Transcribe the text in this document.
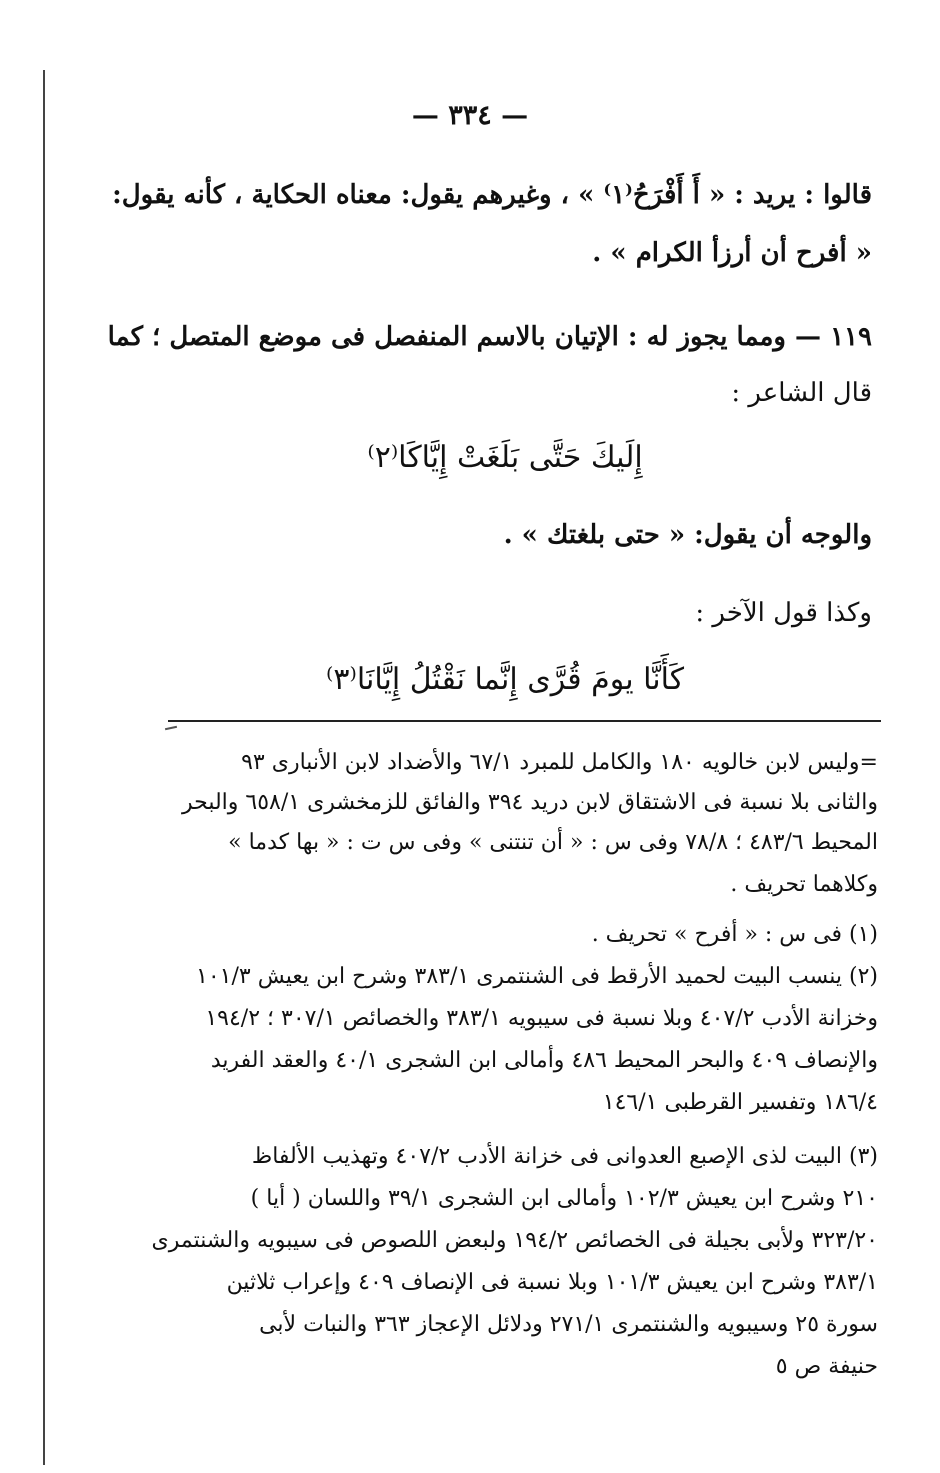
— ٣٣٤ —
قالوا : يريد : « أَ أَفْرَحُ⁽١⁾ » ، وغيرهم يقول: معناه الحكاية ، كأنه يقول:
« أفرح أن أرزأ الكرام » .
١١٩ — ومما يجوز له : الإتيان بالاسم المنفصل فى موضع المتصل ؛ كما
قال الشاعر :
إِلَيكَ حَتَّى بَلَغَتْ إِيَّاكَا⁽٢⁾
والوجه أن يقول: « حتى بلغتك » .
وكذا قول الآخر :
كَأَنَّا يومَ قُرَّى إِنَّما نَقْتُلُ إِيَّانَا⁽٣⁾
=وليس لابن خالويه ١٨٠ والكامل للمبرد ٦٧/١ والأضداد لابن الأنبارى ٩٣
والثانى بلا نسبة فى الاشتقاق لابن دريد ٣٩٤ والفائق للزمخشرى ٦٥٨/١ والبحر
المحيط ٤٨٣/٦ ؛ ٧٨/٨ وفى س : « أن تنتنى » وفى س ت : « بها كدما »
وكلاهما تحريف .
(١) فى س : « أفرح » تحريف .
(٢) ينسب البيت لحميد الأرقط فى الشنتمرى ٣٨٣/١ وشرح ابن يعيش ١٠١/٣
وخزانة الأدب ٤٠٧/٢ وبلا نسبة فى سيبويه ٣٨٣/١ والخصائص ٣٠٧/١ ؛ ١٩٤/٢
والإنصاف ٤٠٩ والبحر المحيط ٤٨٦ وأمالى ابن الشجرى ٤٠/١ والعقد الفريد
١٨٦/٤ وتفسير القرطبى ١٤٦/١
(٣) البيت لذى الإصبع العدوانى فى خزانة الأدب ٤٠٧/٢ وتهذيب الألفاظ
٢١٠ وشرح ابن يعيش ١٠٢/٣ وأمالى ابن الشجرى ٣٩/١ واللسان ( أيا )
٣٢٣/٢٠ ولأبى بجيلة فى الخصائص ١٩٤/٢ ولبعض اللصوص فى سيبويه والشنتمرى
٣٨٣/١ وشرح ابن يعيش ١٠١/٣ وبلا نسبة فى الإنصاف ٤٠٩ وإعراب ثلاثين
سورة ٢٥ وسيبويه والشنتمرى ٢٧١/١ ودلائل الإعجاز ٣٦٣ والنبات لأبى
حنيفة ص ٥
